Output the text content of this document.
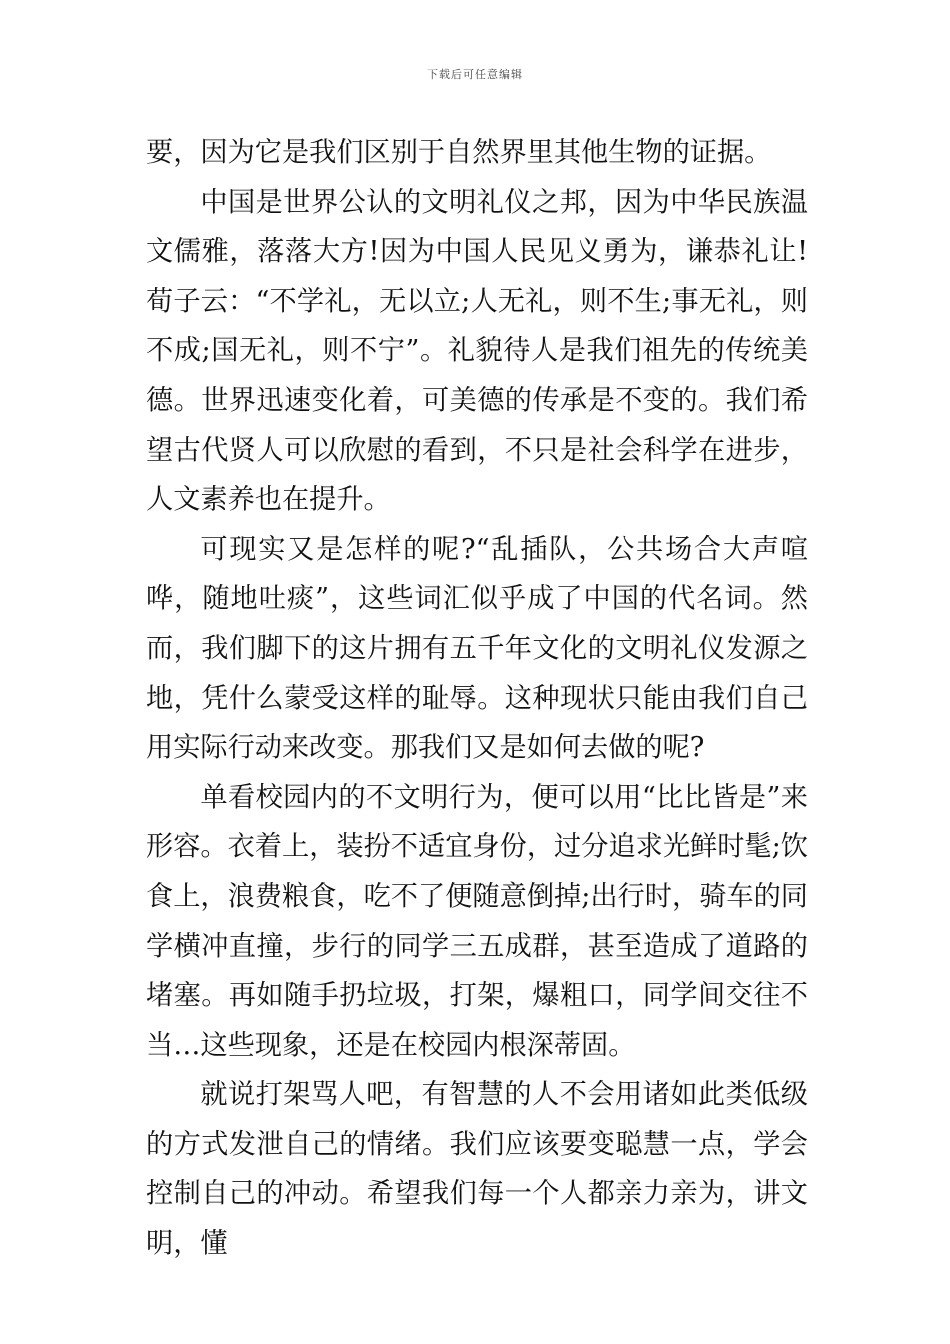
下载后可任意编辑

要，因为它是我们区别于自然界里其他生物的证据。

中国是世界公认的文明礼仪之邦，因为中华民族温文儒雅，落落大方!因为中国人民见义勇为，谦恭礼让!荀子云：“不学礼，无以立;人无礼，则不生;事无礼，则不成;国无礼，则不宁”。礼貌待人是我们祖先的传统美德。世界迅速变化着，可美德的传承是不变的。我们希望古代贤人可以欣慰的看到，不只是社会科学在进步，人文素养也在提升。

可现实又是怎样的呢?“乱插队，公共场合大声喧哗，随地吐痰”，这些词汇似乎成了中国的代名词。然而，我们脚下的这片拥有五千年文化的文明礼仪发源之地，凭什么蒙受这样的耻辱。这种现状只能由我们自己用实际行动来改变。那我们又是如何去做的呢?

单看校园内的不文明行为，便可以用“比比皆是”来形容。衣着上，装扮不适宜身份，过分追求光鲜时髦;饮食上，浪费粮食，吃不了便随意倒掉;出行时，骑车的同学横冲直撞，步行的同学三五成群，甚至造成了道路的堵塞。再如随手扔垃圾，打架，爆粗口，同学间交往不当…这些现象，还是在校园内根深蒂固。

就说打架骂人吧，有智慧的人不会用诸如此类低级的方式发泄自己的情绪。我们应该要变聪慧一点，学会控制自己的冲动。希望我们每一个人都亲力亲为，讲文明，懂
